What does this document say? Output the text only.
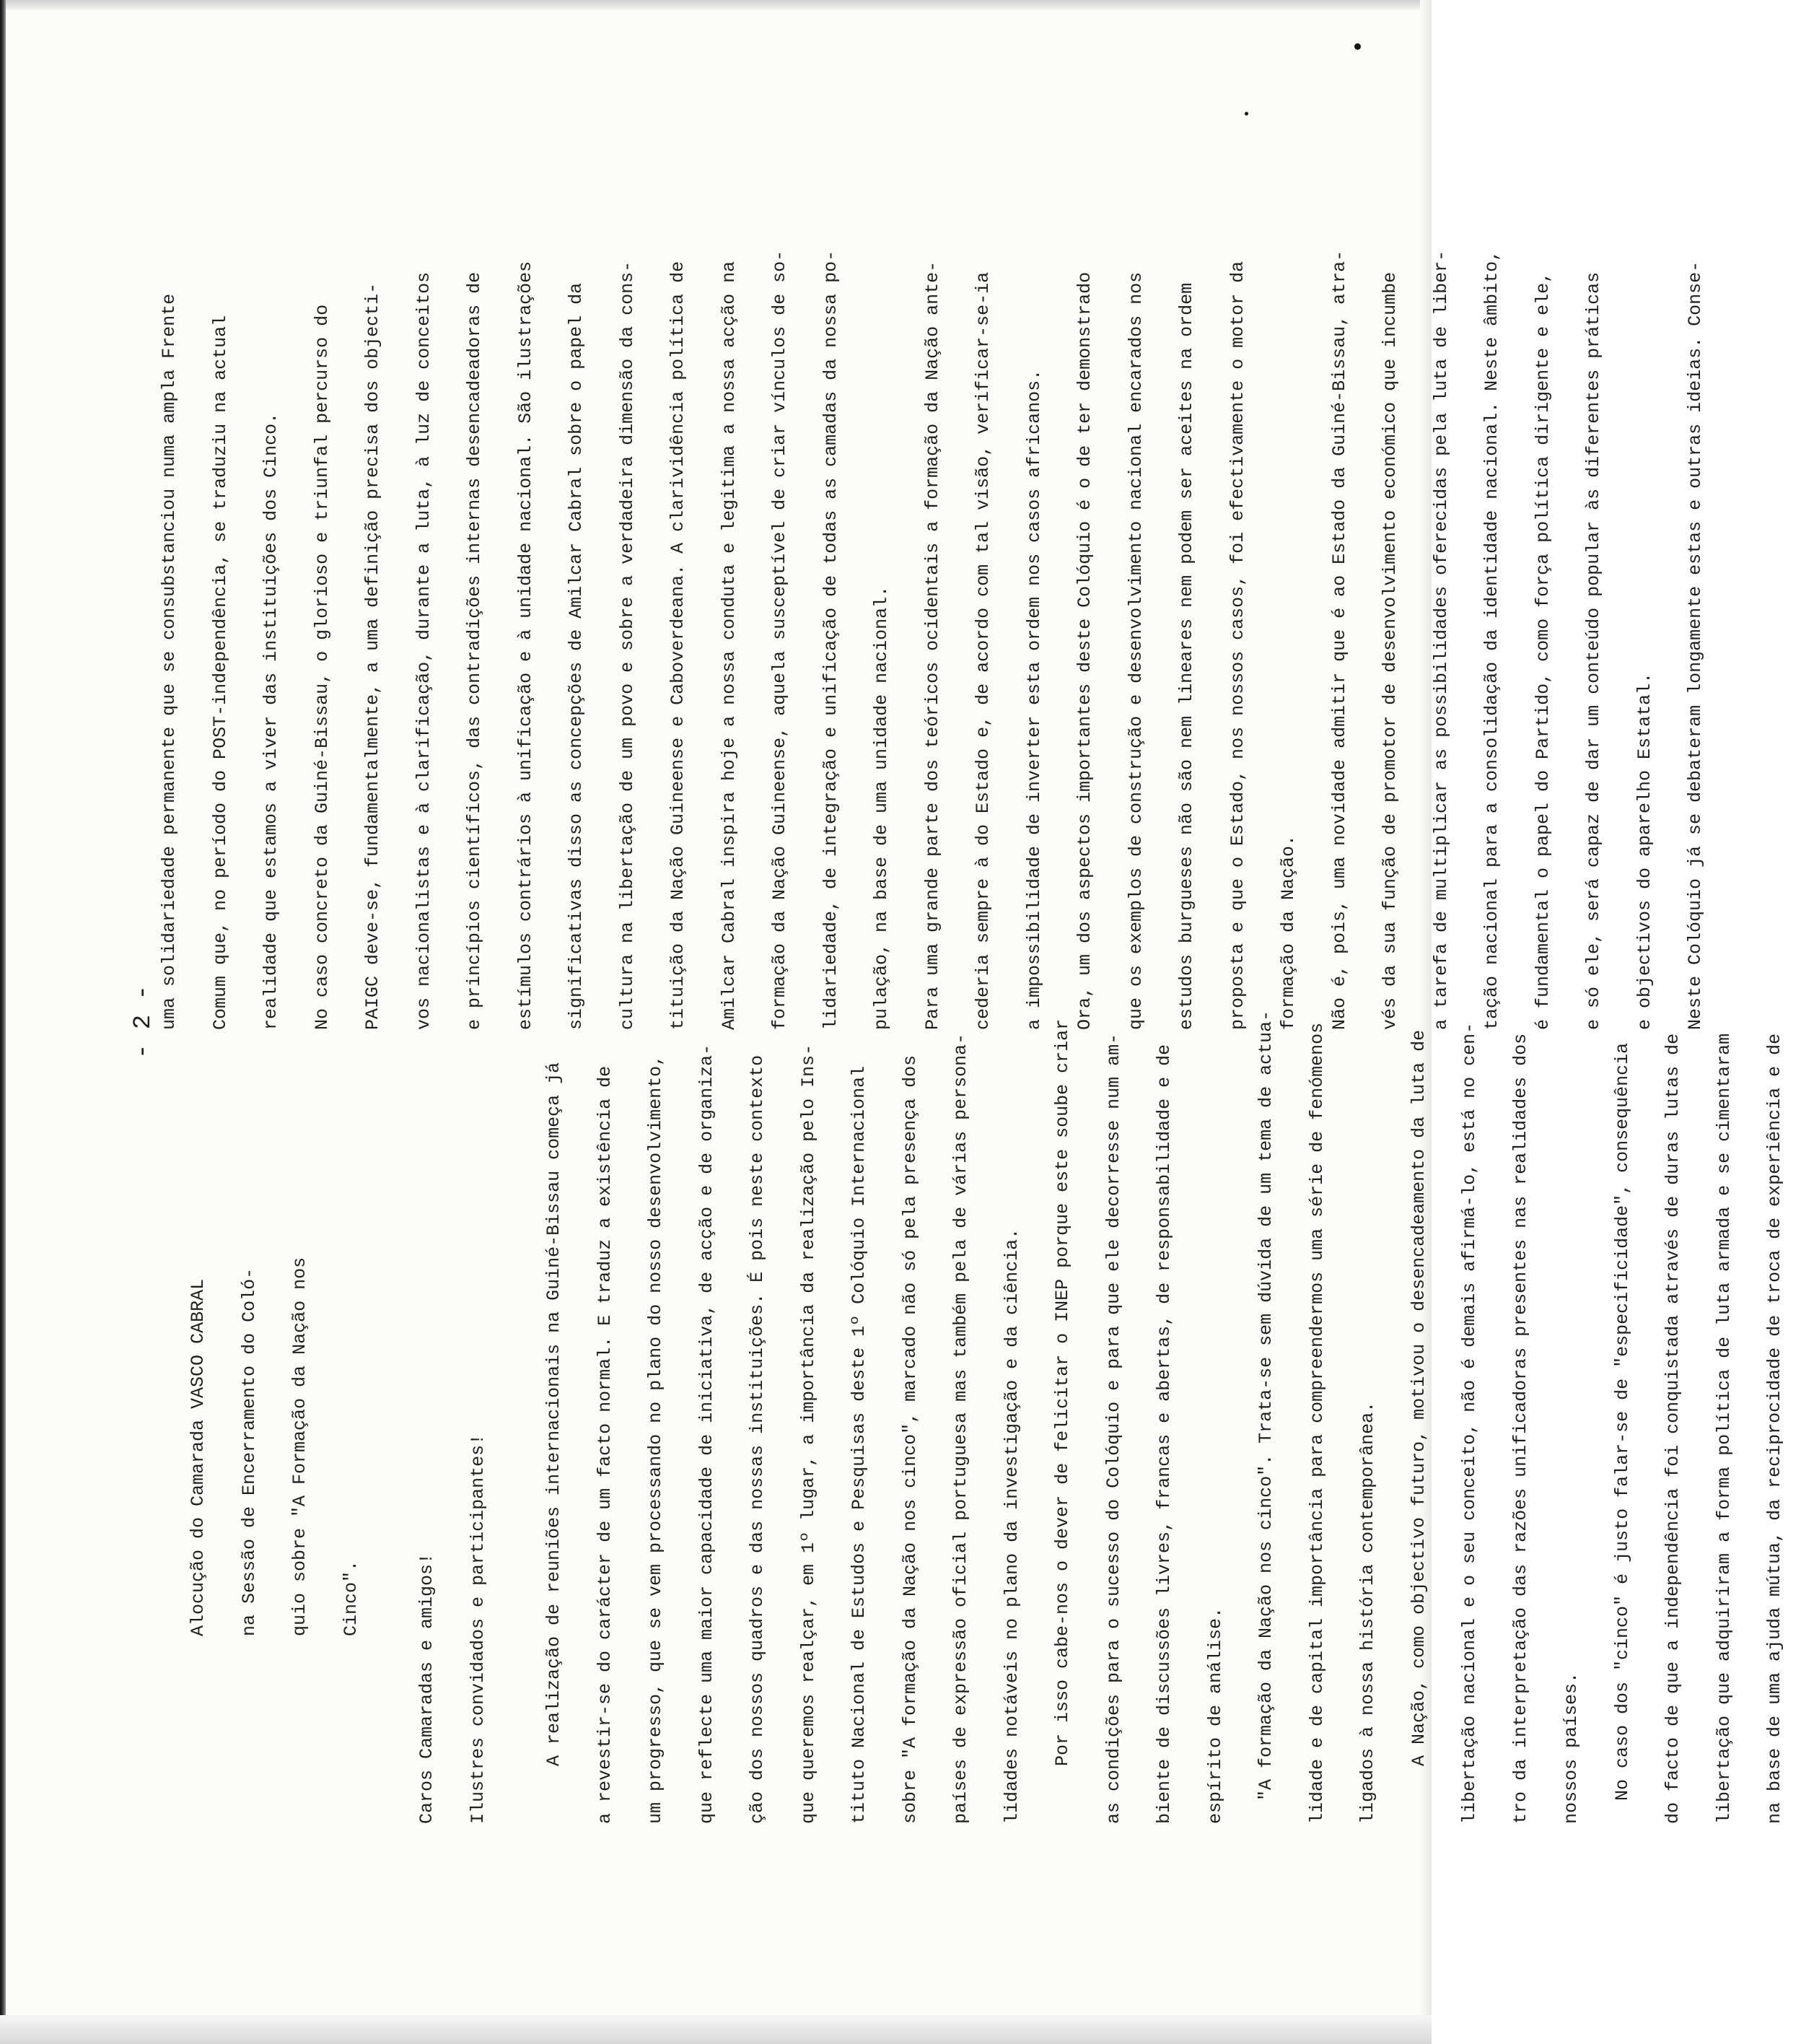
- 2 -
Alocução do Camarada VASCO CABRAL	na Sessão de Encerramento do Coló-	quio sobre "A Formação da Nação nos	Cinco".	Caros Camaradas e amigos!	Ilustres convidados e participantes!	A realização de reuniões internacionais na Guiné-Bissau começa já	a revestir-se do carácter de um facto normal. E traduz a existência de	um progresso, que se vem processando no plano do nosso desenvolvimento,	que reflecte uma maior capacidade de iniciativa, de acção e de organiza-	ção dos nossos quadros e das nossas instituições. É pois neste contexto	que queremos realçar, em 1º lugar, a importância da realização pelo Ins-	tituto Nacional de Estudos e Pesquisas deste 1º Colóquio Internacional	sobre "A formação da Nação nos cinco", marcado não só pela presença dos	países de expressão oficial portuguesa mas também pela de várias persona-	lidades notáveis no plano da investigação e da ciência.	Por isso cabe-nos o dever de felicitar o INEP porque este soube criar	as condições para o sucesso do Colóquio e para que ele decorresse num am-	biente de discussões livres, francas e abertas, de responsabilidade e de	espírito de análise.	"A formação da Nação nos cinco". Trata-se sem dúvida de um tema de actua-	lidade e de capital importância para compreendermos uma série de fenómenos	ligados à nossa história contemporânea.	A Nação, como objectivo futuro, motivou o desencadeamento da luta de	libertação nacional e o seu conceito, não é demais afirmá-lo, está no cen-	tro da interpretação das razões unificadoras presentes nas realidades dos	nossos países.	No caso dos "cinco" é justo falar-se de "especificidade", consequência	do facto de que a independência foi conquistada através de duras lutas de	libertação que adquiriram a forma política de luta armada e se cimentaram	na base de uma ajuda mútua, da reciprocidade de troca de experiência e de
uma solidariedade permanente que se consubstanciou numa ampla Frente	Comum que, no período do POST-independência, se traduziu na actual	realidade que estamos a viver das instituições dos Cinco.	No caso concreto da Guiné-Bissau, o glorioso e triunfal percurso do	PAIGC deve-se, fundamentalmente, a uma definição precisa dos objecti-	vos nacionalistas e à clarificação, durante a luta, à luz de conceitos	e princípios científicos, das contradições internas desencadeadoras de	estímulos contrários à unificação e à unidade nacional. São ilustrações	significativas disso as concepções de Amilcar Cabral sobre o papel da	cultura na libertação de um povo e sobre a verdadeira dimensão da cons-	tituição da Nação Guineense e Caboverdeana. A clarividência política de	Amilcar Cabral inspira hoje a nossa conduta e legitima a nossa acção na	formação da Nação Guineense, aquela susceptível de criar vínculos de so-	lidariedade, de integração e unificação de todas as camadas da nossa po-	pulação, na base de uma unidade nacional.	Para uma grande parte dos teóricos ocidentais a formação da Nação ante-	cederia sempre à do Estado e, de acordo com tal visão, verificar-se-ia	a impossibilidade de inverter esta ordem nos casos africanos.	Ora, um dos aspectos importantes deste Colóquio é o de ter demonstrado	que os exemplos de construção e desenvolvimento nacional encarados nos	estudos burgueses não são nem lineares nem podem ser aceites na ordem	proposta e que o Estado, nos nossos casos, foi efectivamente o motor da	formação da Nação.	Não é, pois, uma novidade admitir que é ao Estado da Guiné-Bissau, atra-	vés da sua função de promotor de desenvolvimento económico que incumbe	a tarefa de multiplicar as possibilidades oferecidas pela luta de liber-	tação nacional para a consolidação da identidade nacional. Neste âmbito,	é fundamental o papel do Partido, como força política dirigente e ele,	e só ele, será capaz de dar um conteúdo popular às diferentes práticas	e objectivos do aparelho Estatal.	Neste Colóquio já se debateram longamente estas e outras ideias. Conse-
